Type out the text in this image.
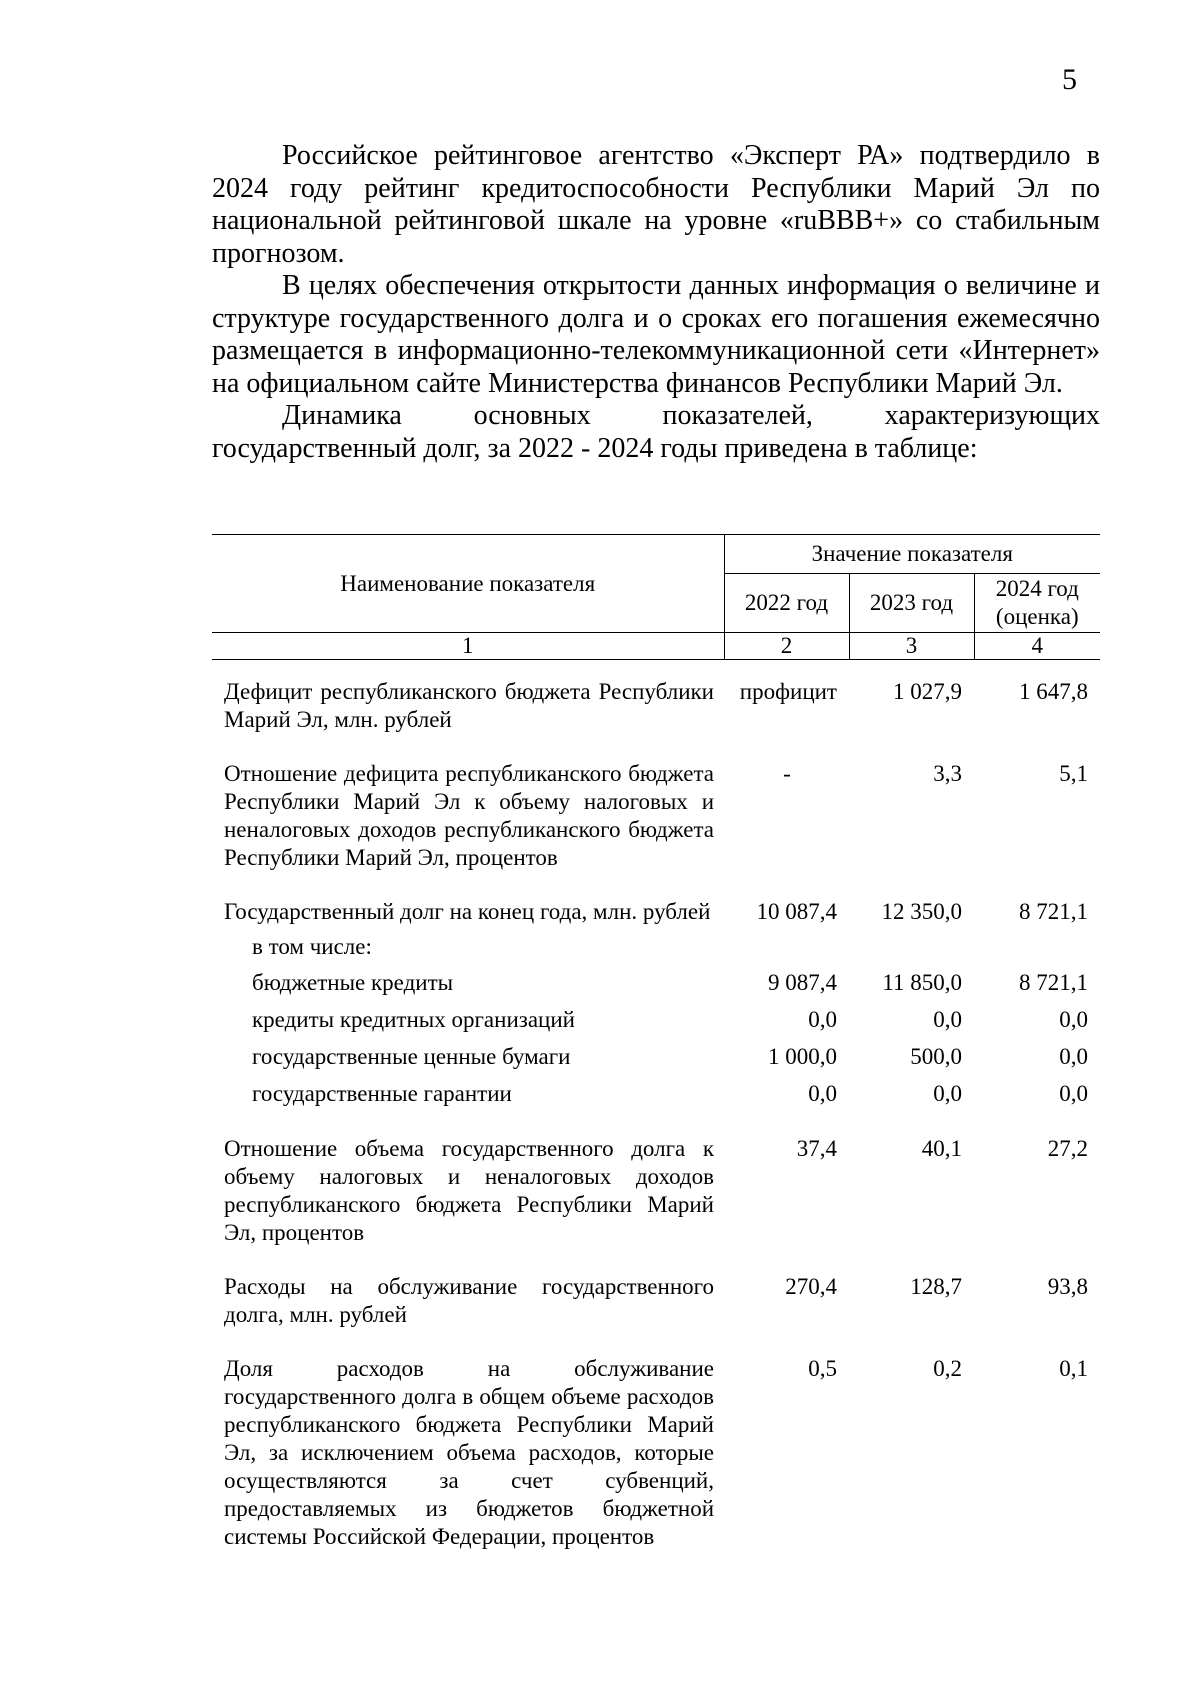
5

Российское рейтинговое агентство «Эксперт РА» подтвердило в 2024 году рейтинг кредитоспособности Республики Марий Эл по национальной рейтинговой шкале на уровне «ruBBB+» со стабильным прогнозом.

В целях обеспечения открытости данных информация о величине и структуре государственного долга и о сроках его погашения ежемесячно размещается в информационно-телекоммуникационной сети «Интернет» на официальном сайте Министерства финансов Республики Марий Эл.

Динамика основных показателей, характеризующих государственный долг, за 2022 - 2024 годы приведена в таблице:

Наименование показателя	Значение показателя		
	2022 год	2023 год	2024 год (оценка)
1	2	3	4
Дефицит республиканского бюджета Республики Марий Эл, млн. рублей	профицит	1 027,9	1 647,8
Отношение дефицита республиканского бюджета Республики Марий Эл к объему налоговых и неналоговых доходов республиканского бюджета Республики Марий Эл, процентов	-	3,3	5,1
Государственный долг на конец года, млн. рублей	10 087,4	12 350,0	8 721,1
в том числе:			
бюджетные кредиты	9 087,4	11 850,0	8 721,1
кредиты кредитных организаций	0,0	0,0	0,0
государственные ценные бумаги	1 000,0	500,0	0,0
государственные гарантии	0,0	0,0	0,0
Отношение объема государственного долга к объему налоговых и неналоговых доходов республиканского бюджета Республики Марий Эл, процентов	37,4	40,1	27,2
Расходы на обслуживание государственного долга, млн. рублей	270,4	128,7	93,8
Доля расходов на обслуживание государственного долга в общем объеме расходов республиканского бюджета Республики Марий Эл, за исключением объема расходов, которые осуществляются за счет субвенций, предоставляемых из бюджетов бюджетной системы Российской Федерации, процентов	0,5	0,2	0,1
